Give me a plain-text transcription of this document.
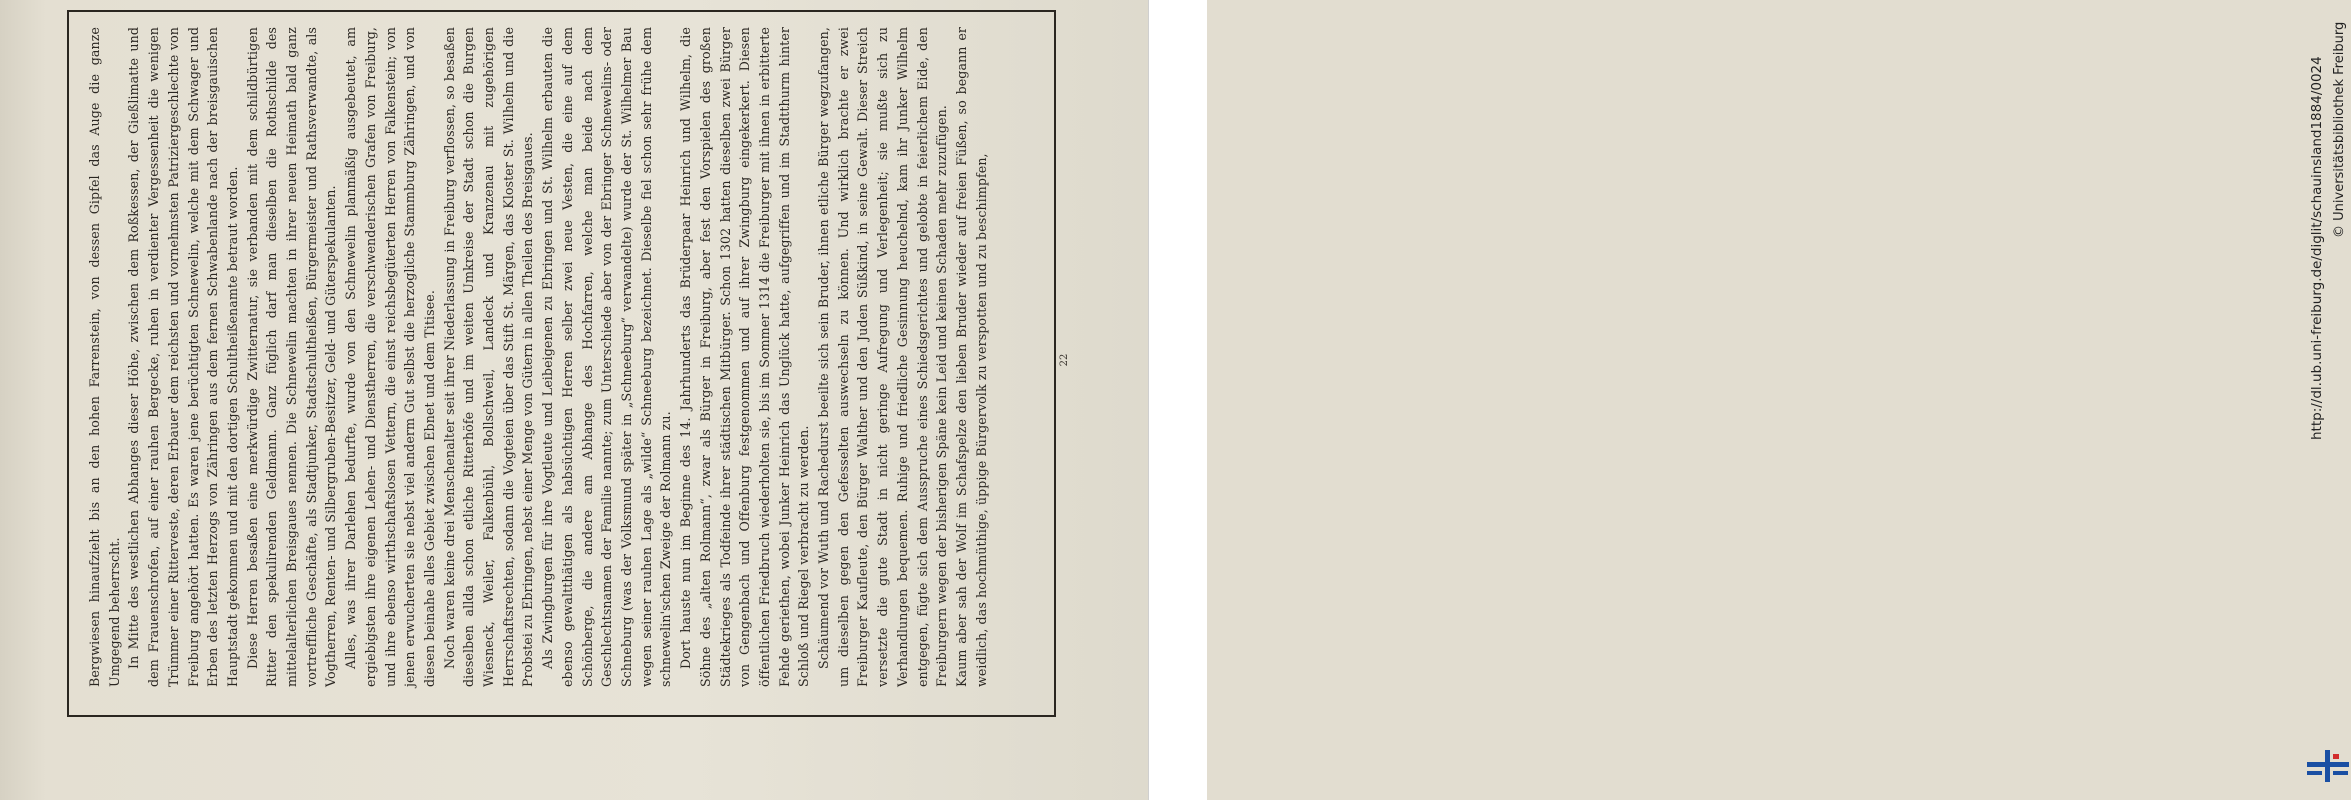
Bergwiesen hinaufzieht bis an den hohen Farrenstein, von dessen Gipfel das Auge die ganze Umgegend beherrscht. In Mitte des westlichen Abhanges dieser Höhe, zwischen dem Roßkessen, der Gießlimatte und dem Frauenschrofen, auf einer rauhen Bergecke, ruhen in verdienter Vergessenheit die wenigen Trümmer einer Rittervestе, deren Erbauer dem reichsten und vornehmsten Patriziergeschlechte von Freiburg angehört hatten. Es waren jene berüchtigten Schnewelin, welche mit dem Schwager und Erben des letzten Herzogs von Zähringen aus dem fernen Schwabenlande nach der breisgauischen Hauptstadt gekommen und mit den dortigen Schultheißenamte betraut worden. Diese Herren besaßen eine merkwürdige Zwitternatur, sie verbanden mit dem schildbürtigen Ritter den spekulirenden Geldmann. Ganz füglich darf man dieselben die Rothschilde des mittelalterlichen Breisgaues nennen. Die Schnewelin machten in ihrer neuen Heimath bald ganz vortreffliche Geschäfte, als Stadtjunker, Stadtschultheißen, Bürgermeister und Rathsverwandte, als Vogtherren, Renten- und Silbergruben-Besitzer, Geld- und Güterspekulanten. Alles, was ihrer Darlehen bedurfte, wurde von den Schnewelin planmäßig ausgebeutet, am ergiebigsten ihre eigenen Lehen- und Dienstherren, die verschwenderischen Grafen von Freiburg, und ihre ebenso wirthschaftslosen Vettern, die einst reichsbegüterten Herren von Falkenstein; von jenen erwucherten sie nebst viel anderm Gut selbst die herzogliche Stammburg Zähringen, und von diesen beinahe alles Gebiet zwischen Ebnet und dem Titisee. Noch waren keine drei Menschenalter seit ihrer Niederlassung in Freiburg verflossen, so besaßen dieselben allda schon etliche Ritterhöfe und im weiten Umkreise der Stadt schon die Burgen Wiesneck, Weiler, Falkenbühl, Bollschweil, Landeck und Kranzenau mit zugehörigen Herrschaftsrechten, sodann die Vogteien über das Stift St. Märgen, das Kloster St. Wilhelm und die Probstei zu Ebringen, nebst einer Menge von Gütern in allen Theilen des Breisgaues. Als Zwingburgen für ihre Vogtleute und Leibeigenen zu Ebringen und St. Wilhelm erbauten die ebenso gewaltthätigen als habsüchtigen Herren selber zwei neue Vesten, die eine auf dem Schönberge, die andere am Abhange des Hochfarren, welche man beide nach dem Geschlechtsnamen der Familie nannte; zum Unterschiede aber von der Ebringer Schnewelins- oder Schneburg (was der Volksmund später in „Schneeburg“ verwandelte) wurde der St. Wilhelmer Bau wegen seiner rauhen Lage als „wilde“ Schneeburg bezeichnet. Dieselbe fiel schon sehr frühe dem schnewelin'schen Zweige der Rolmann zu. Dort hauste nun im Beginne des 14. Jahrhunderts das Brüderpaar Heinrich und Wilhelm, die Söhne des „alten Rolmann“, zwar als Bürger in Freiburg, aber fest den Vorspielen des großen Städtekrieges als Todfeinde ihrer städtischen Mitbürger. Schon 1302 hatten dieselben zwei Bürger von Gengenbach und Offenburg festgenommen und auf ihrer Zwingburg eingekerkert. Diesen öffentlichen Friedbruch wiederholten sie, bis im Sommer 1314 die Freiburger mit ihnen in erbitterte Fehde geriethen, wobei Junker Heinrich das Unglück hatte, aufgegriffen und im Stadtthurm hinter Schloß und Riegel verbracht zu werden. Schäumend vor Wuth und Rachedurst beeilte sich sein Bruder, ihnen etliche Bürger wegzufangen, um dieselben gegen den Gefesselten auswechseln zu können. Und wirklich brachte er zwei Freiburger Kaufleute, den Bürger Walther und den Juden Süßkind, in seine Gewalt. Dieser Streich versetzte die gute Stadt in nicht geringe Aufregung und Verlegenheit; sie mußte sich zu Verhandlungen bequemen. Ruhige und friedliche Gesinnung heuchelnd, kam ihr Junker Wilhelm entgegen, fügte sich dem Ausspruche eines Schiedsgerichtes und gelobte in feierlichem Eide, den Freiburgern wegen der bisherigen Späne kein Leid und keinen Schaden mehr zuzufügen. Kaum aber sah der Wolf im Schafspelze den lieben Bruder wieder auf freien Füßen, so begann er weidlich, das hochmüthige, üppige Bürgervolk zu verspotten und zu beschimpfen,	22	http://dl.ub.uni-freiburg.de/diglit/schauinsland1884/0024 © Universitätsbibliothek Freiburg
